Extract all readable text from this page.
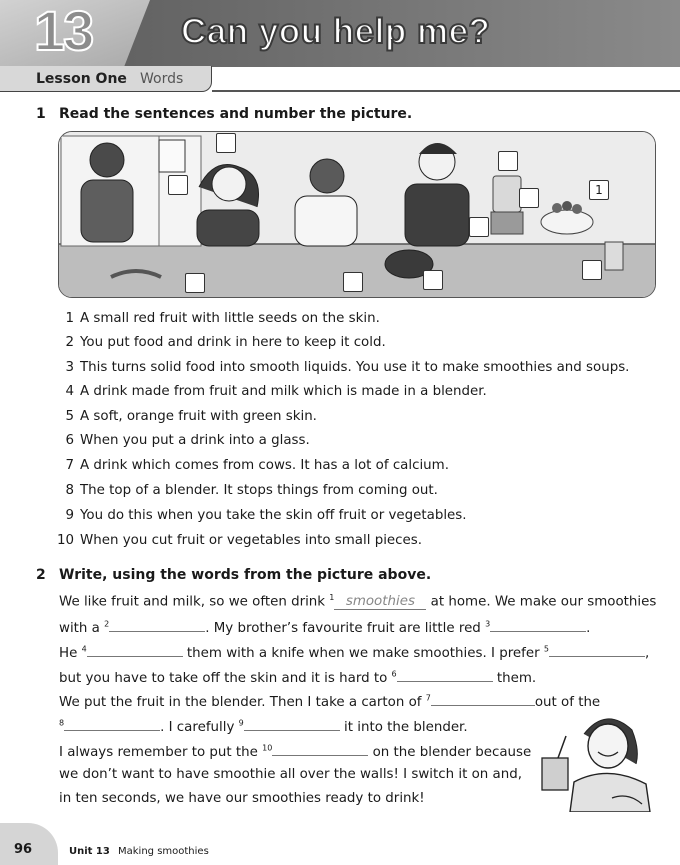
13	Can you help me?
Lesson One Words
1 Read the sentences and number the picture.
1
1 A small red fruit with little seeds on the skin.
2 You put food and drink in here to keep it cold.
3 This turns solid food into smooth liquids. You use it to make smoothies and soups.
4 A drink made from fruit and milk which is made in a blender.
5 A soft, orange fruit with green skin.
6 When you put a drink into a glass.
7 A drink which comes from cows. It has a lot of calcium.
8 The top of a blender. It stops things from coming out.
9 You do this when you take the skin off fruit or vegetables.
10 When you cut fruit or vegetables into small pieces.
2 Write, using the words from the picture above.
We like fruit and milk, so we often drink $^1$ smoothies at home. We make our smoothies
with a $^2$	. My brother’s favourite fruit are little red $^3$	.
He $^4$	them with a knife when we make smoothies. I prefer $^5$	,
but you have to take off the skin and it is hard to $^6$	them.
We put the fruit in the blender. Then I take a carton of $^7$	out of the
$^8$	. I carefully $^9$	it into the blender.
I always remember to put the $^{10}$	on the blender because
we don’t want to have smoothie all over the walls! I switch it on and,
in ten seconds, we have our smoothies ready to drink!
96	Unit 13 Making smoothies
